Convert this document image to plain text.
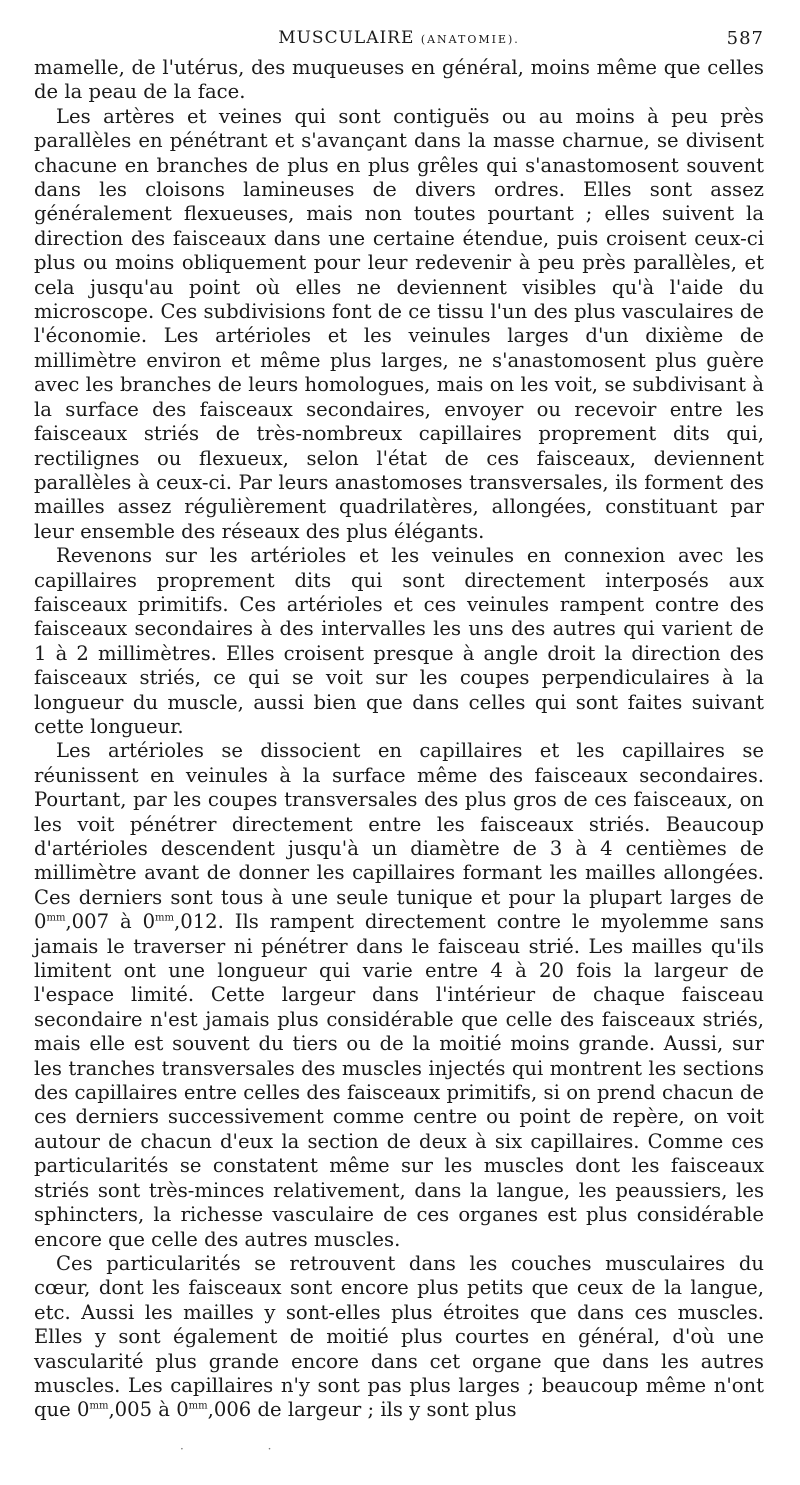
MUSCULAIRE (ANATOMIE).	587

mamelle, de l'utérus, des muqueuses en général, moins même que celles de la peau de la face.

Les artères et veines qui sont contiguës ou au moins à peu près parallèles en pénétrant et s'avançant dans la masse charnue, se divisent chacune en branches de plus en plus grêles qui s'anastomosent souvent dans les cloisons lamineuses de divers ordres. Elles sont assez généralement flexueuses, mais non toutes pourtant ; elles suivent la direction des faisceaux dans une certaine étendue, puis croisent ceux-ci plus ou moins obliquement pour leur redevenir à peu près parallèles, et cela jusqu'au point où elles ne deviennent visibles qu'à l'aide du microscope. Ces subdivisions font de ce tissu l'un des plus vasculaires de l'économie. Les artérioles et les veinules larges d'un dixième de millimètre environ et même plus larges, ne s'anastomosent plus guère avec les branches de leurs homologues, mais on les voit, se subdivisant à la surface des faisceaux secondaires, envoyer ou recevoir entre les faisceaux striés de très-nombreux capillaires proprement dits qui, rectilignes ou flexueux, selon l'état de ces faisceaux, deviennent parallèles à ceux-ci. Par leurs anastomoses transversales, ils forment des mailles assez régulièrement quadrilatères, allongées, constituant par leur ensemble des réseaux des plus élégants.

Revenons sur les artérioles et les veinules en connexion avec les capillaires proprement dits qui sont directement interposés aux faisceaux primitifs. Ces artérioles et ces veinules rampent contre des faisceaux secondaires à des intervalles les uns des autres qui varient de 1 à 2 millimètres. Elles croisent presque à angle droit la direction des faisceaux striés, ce qui se voit sur les coupes perpendiculaires à la longueur du muscle, aussi bien que dans celles qui sont faites suivant cette longueur.

Les artérioles se dissocient en capillaires et les capillaires se réunissent en veinules à la surface même des faisceaux secondaires. Pourtant, par les coupes transversales des plus gros de ces faisceaux, on les voit pénétrer directement entre les faisceaux striés. Beaucoup d'artérioles descendent jusqu'à un diamètre de 3 à 4 centièmes de millimètre avant de donner les capillaires formant les mailles allongées. Ces derniers sont tous à une seule tunique et pour la plupart larges de $0^{mm},007$ à $0^{mm},012$. Ils rampent directement contre le myolemme sans jamais le traverser ni pénétrer dans le faisceau strié. Les mailles qu'ils limitent ont une longueur qui varie entre 4 à 20 fois la largeur de l'espace limité. Cette largeur dans l'intérieur de chaque faisceau secondaire n'est jamais plus considérable que celle des faisceaux striés, mais elle est souvent du tiers ou de la moitié moins grande. Aussi, sur les tranches transversales des muscles injectés qui montrent les sections des capillaires entre celles des faisceaux primitifs, si on prend chacun de ces derniers successivement comme centre ou point de repère, on voit autour de chacun d'eux la section de deux à six capillaires. Comme ces particularités se constatent même sur les muscles dont les faisceaux striés sont très-minces relativement, dans la langue, les peaussiers, les sphincters, la richesse vasculaire de ces organes est plus considérable encore que celle des autres muscles.

Ces particularités se retrouvent dans les couches musculaires du cœur, dont les faisceaux sont encore plus petits que ceux de la langue, etc. Aussi les mailles y sont-elles plus étroites que dans ces muscles. Elles y sont également de moitié plus courtes en général, d'où une vascularité plus grande encore dans cet organe que dans les autres muscles. Les capillaires n'y sont pas plus larges ; beaucoup même n'ont que $0^{mm},005$ à $0^{mm},006$ de largeur ; ils y sont plus

· ·
